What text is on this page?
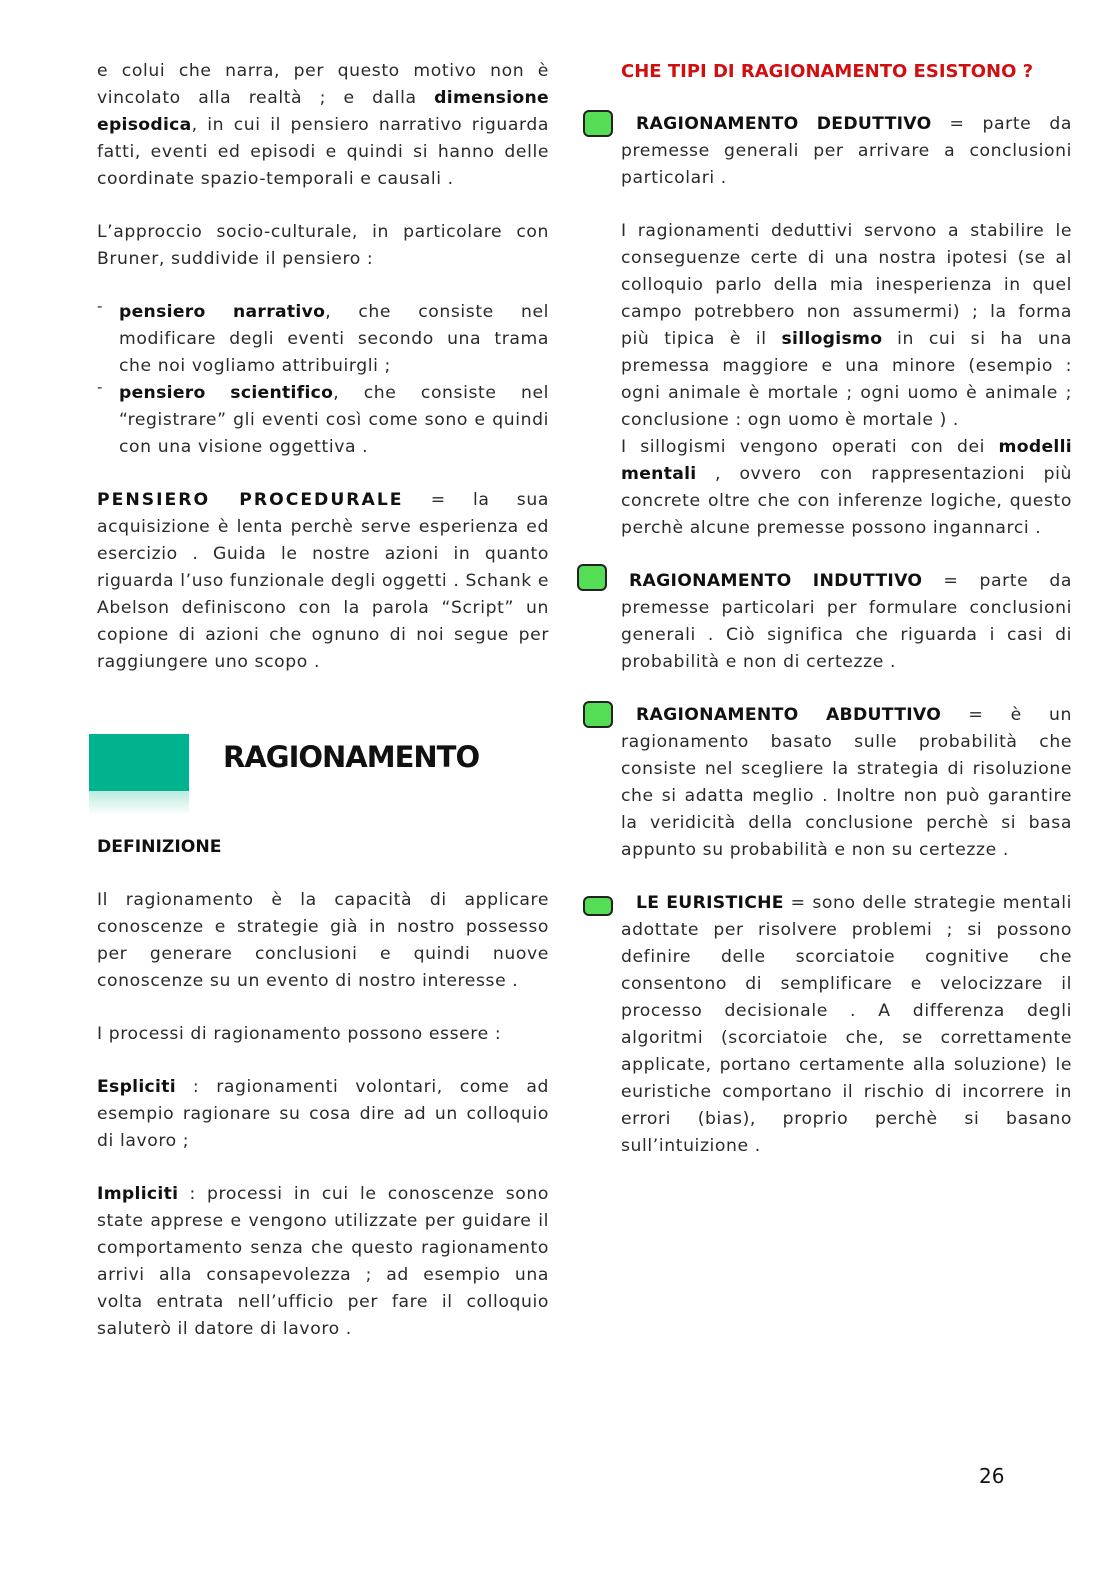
e colui che narra, per questo motivo non è vincolato alla realtà ; e dalla dimensione episodica, in cui il pensiero narrativo riguarda fatti, eventi ed episodi e quindi si hanno delle coordinate spazio-temporali e causali .

L’approccio socio-culturale, in particolare con Bruner, suddivide il pensiero :

- pensiero narrativo, che consiste nel modificare degli eventi secondo una trama che noi vogliamo attribuirgli ;
- pensiero scientifico, che consiste nel “registrare” gli eventi così come sono e quindi con una visione oggettiva .

PENSIERO PROCEDURALE = la sua acquisizione è lenta perchè serve esperienza ed esercizio . Guida le nostre azioni in quanto riguarda l’uso funzionale degli oggetti . Schank e Abelson definiscono con la parola “Script” un copione di azioni che ognuno di noi segue per raggiungere uno scopo .

RAGIONAMENTO
DEFINIZIONE

Il ragionamento è la capacità di applicare conoscenze e strategie già in nostro possesso per generare conclusioni e quindi nuove conoscenze su un evento di nostro interesse .

I processi di ragionamento possono essere :

Espliciti : ragionamenti volontari, come ad esempio ragionare su cosa dire ad un colloquio di lavoro ;

Impliciti : processi in cui le conoscenze sono state apprese e vengono utilizzate per guidare il comportamento senza che questo ragionamento arrivi alla consapevolezza ; ad esempio una volta entrata nell’ufficio per fare il colloquio saluterò il datore di lavoro .

CHE TIPI DI RAGIONAMENTO ESISTONO ?

RAGIONAMENTO DEDUTTIVO = parte da premesse generali per arrivare a conclusioni particolari .

I ragionamenti deduttivi servono a stabilire le conseguenze certe di una nostra ipotesi (se al colloquio parlo della mia inesperienza in quel campo potrebbero non assumermi) ; la forma più tipica è il sillogismo in cui si ha una premessa maggiore e una minore (esempio : ogni animale è mortale ; ogni uomo è animale ; conclusione : ogn uomo è mortale ) .

I sillogismi vengono operati con dei modelli mentali , ovvero con rappresentazioni più concrete oltre che con inferenze logiche, questo perchè alcune premesse possono ingannarci .

RAGIONAMENTO INDUTTIVO = parte da premesse particolari per formulare conclusioni generali . Ciò significa che riguarda i casi di probabilità e non di certezze .

RAGIONAMENTO ABDUTTIVO = è un ragionamento basato sulle probabilità che consiste nel scegliere la strategia di risoluzione che si adatta meglio . Inoltre non può garantire la veridicità della conclusione perchè si basa appunto su probabilità e non su certezze .

LE EURISTICHE = sono delle strategie mentali adottate per risolvere problemi ; si possono definire delle scorciatoie cognitive che consentono di semplificare e velocizzare il processo decisionale . A differenza degli algoritmi (scorciatoie che, se correttamente applicate, portano certamente alla soluzione) le euristiche comportano il rischio di incorrere in errori (bias), proprio perchè si basano sull’intuizione .

26
